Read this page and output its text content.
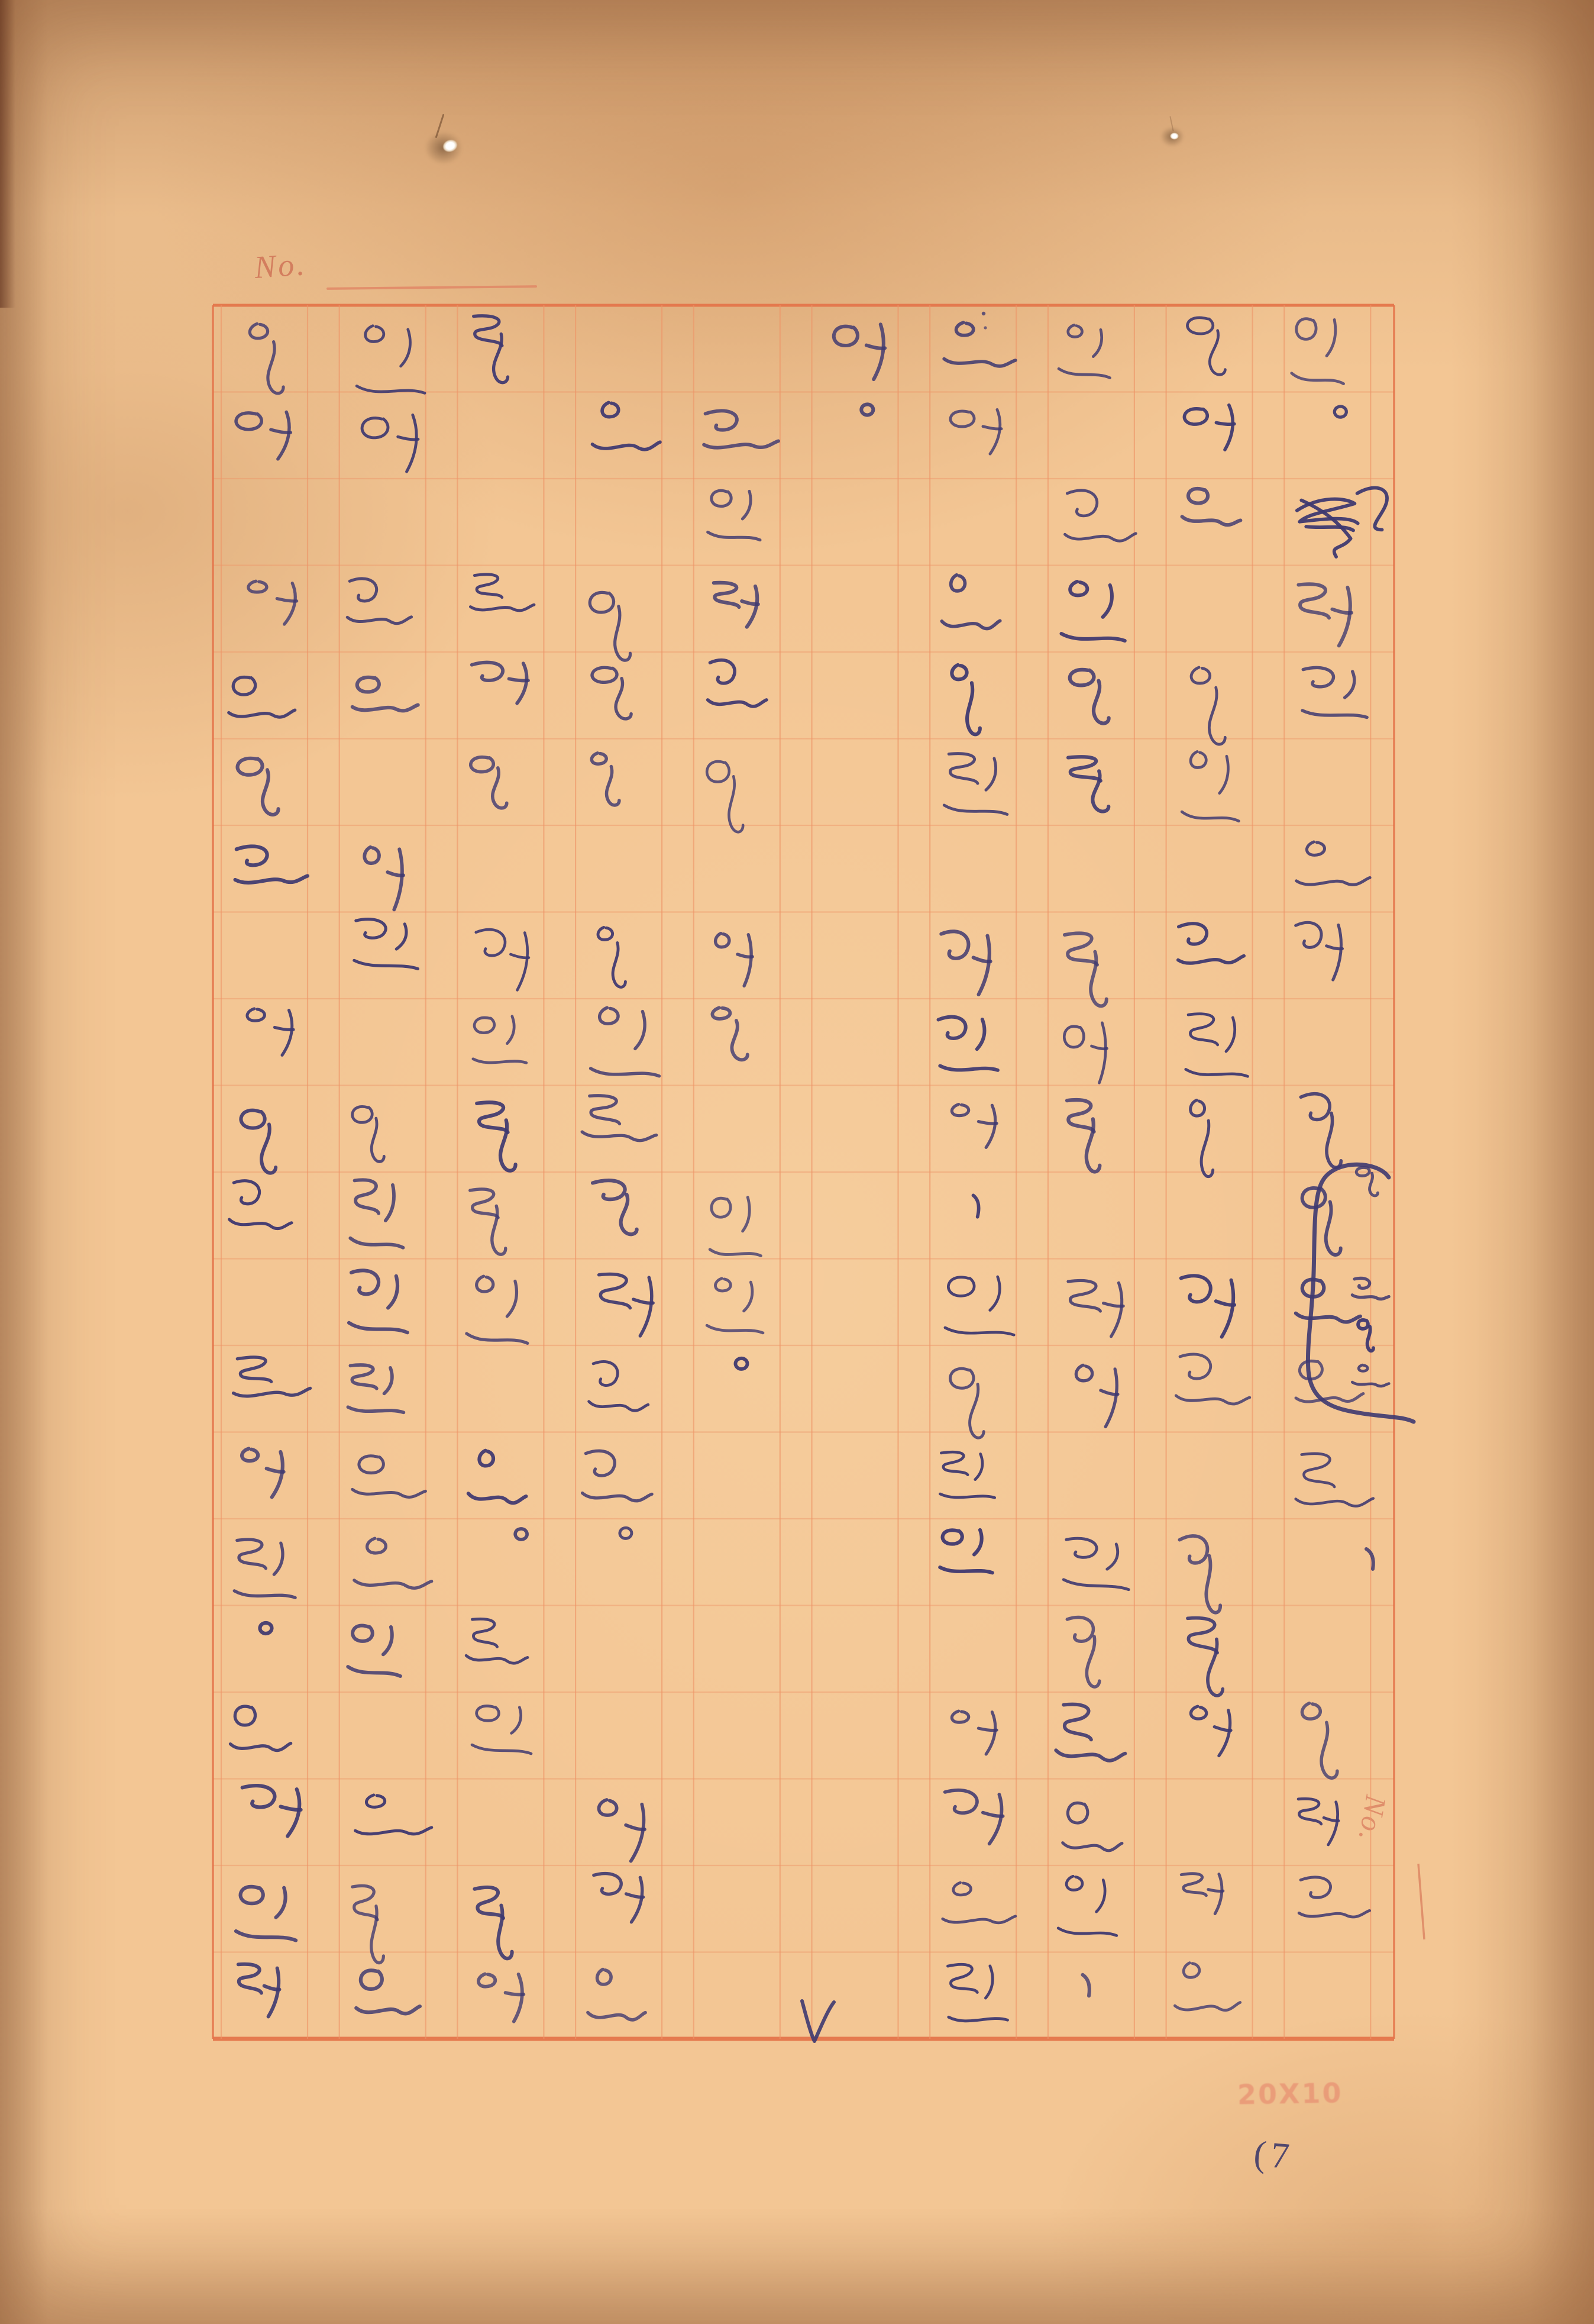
No.
No.
20X10
(7
